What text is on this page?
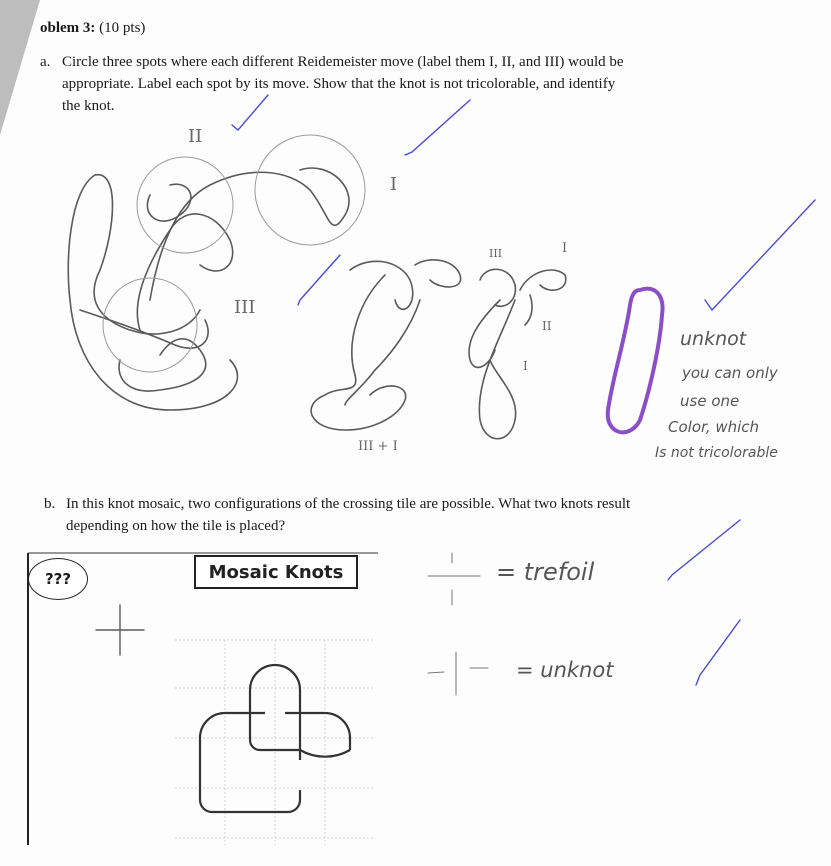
oblem 3: (10 pts)
a. Circle three spots where each different Reidemeister move (label them I, II, and III) would be
appropriate. Label each spot by its move. Show that the knot is not tricolorable, and identify
the knot.
II
I
III
III	I
II
I
III + I
unknot
you can only
use one
Color, which
Is not tricolorable
b. In this knot mosaic, two configurations of the crossing tile are possible. What two knots result
depending on how the tile is placed?
???	Mosaic Knots	= trefoil
= unknot
